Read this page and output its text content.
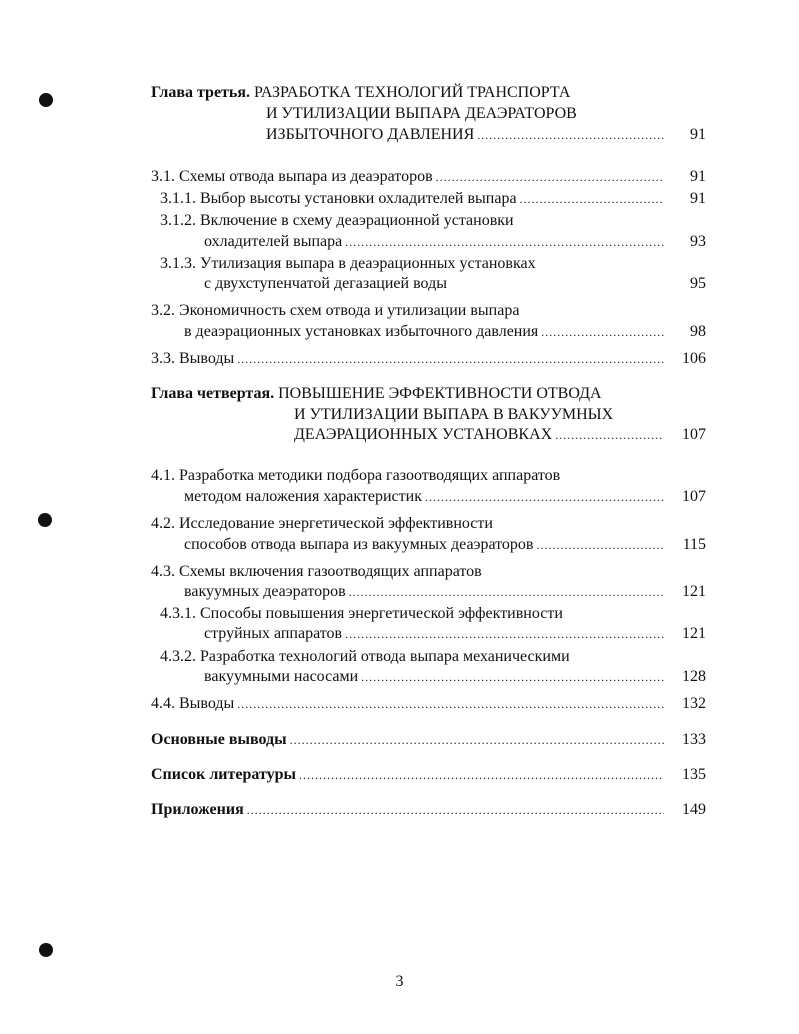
Глава третья. РАЗРАБОТКА ТЕХНОЛОГИЙ ТРАНСПОРТА
И УТИЛИЗАЦИИ ВЫПАРА ДЕАЭРАТОРОВ
ИЗБЫТОЧНОГО ДАВЛЕНИЯ .....	91
3.1. Схемы отвода выпара из деаэраторов .....	91
3.1.1. Выбор высоты установки охладителей выпара .....	91
3.1.2. Включение в схему деаэрационной установки
охладителей выпара .....	93
3.1.3. Утилизация выпара в деаэрационных установках
с двухступенчатой дегазацией воды	95
3.2. Экономичность схем отвода и утилизации выпара
в деаэрационных установках избыточного давления .....	98
3.3. Выводы .....	106
Глава четвертая. ПОВЫШЕНИЕ ЭФФЕКТИВНОСТИ ОТВОДА
И УТИЛИЗАЦИИ ВЫПАРА В ВАКУУМНЫХ
ДЕАЭРАЦИОННЫХ УСТАНОВКАХ .....	107
4.1. Разработка методики подбора газоотводящих аппаратов
методом наложения характеристик .....	107
4.2. Исследование энергетической эффективности
способов отвода выпара из вакуумных деаэраторов .....	115
4.3. Схемы включения газоотводящих аппаратов
вакуумных деаэраторов .....	121
4.3.1. Способы повышения энергетической эффективности
струйных аппаратов .....	121
4.3.2. Разработка технологий отвода выпара механическими
вакуумными насосами .....	128
4.4. Выводы .....	132
Основные выводы .....	133
Список литературы .....	135
Приложения .....	149
3
